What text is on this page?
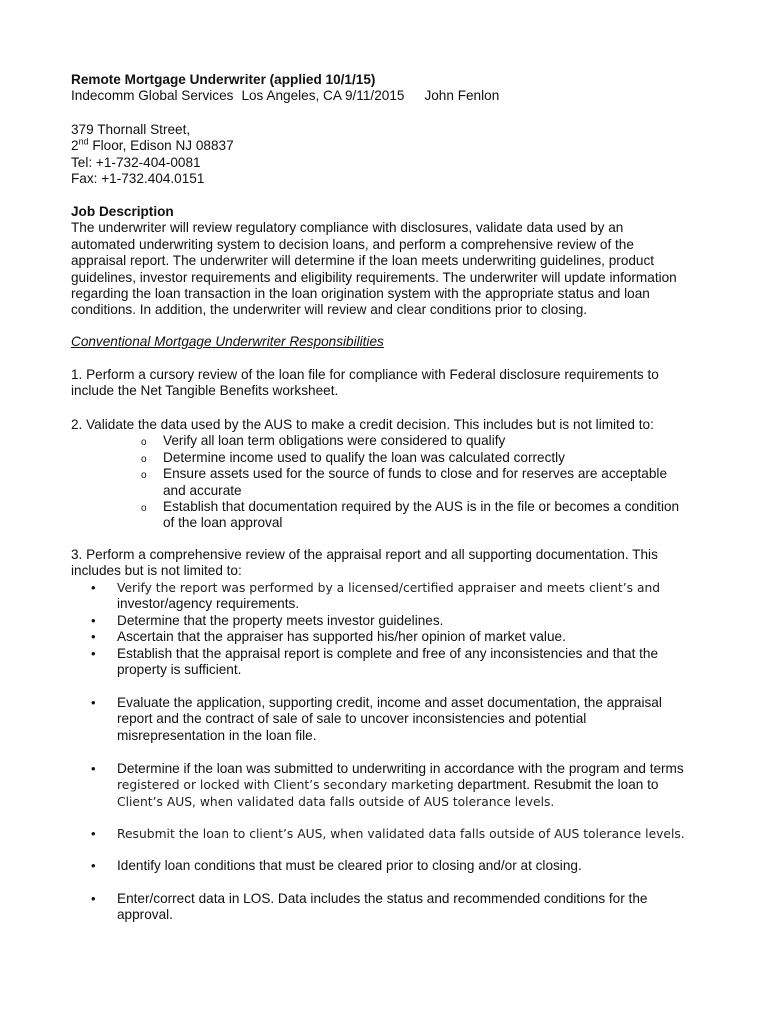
Remote Mortgage Underwriter (applied 10/1/15)
Indecomm Global Services Los Angeles, CA 9/11/2015 John Fenlon
379 Thornall Street,
2nd Floor, Edison NJ 08837
Tel: +1-732-404-0081
Fax: +1-732.404.0151
Job Description
The underwriter will review regulatory compliance with disclosures, validate data used by an
automated underwriting system to decision loans, and perform a comprehensive review of the
appraisal report. The underwriter will determine if the loan meets underwriting guidelines, product
guidelines, investor requirements and eligibility requirements. The underwriter will update information
regarding the loan transaction in the loan origination system with the appropriate status and loan
conditions. In addition, the underwriter will review and clear conditions prior to closing.
Conventional Mortgage Underwriter Responsibilities
1. Perform a cursory review of the loan file for compliance with Federal disclosure requirements to
include the Net Tangible Benefits worksheet.
2. Validate the data used by the AUS to make a credit decision. This includes but is not limited to:
o Verify all loan term obligations were considered to qualify
o Determine income used to qualify the loan was calculated correctly
o Ensure assets used for the source of funds to close and for reserves are acceptable
and accurate
o Establish that documentation required by the AUS is in the file or becomes a condition
of the loan approval
3. Perform a comprehensive review of the appraisal report and all supporting documentation. This
includes but is not limited to:
• Verify the report was performed by a licensed/certified appraiser and meets client’s and
investor/agency requirements.
• Determine that the property meets investor guidelines.
• Ascertain that the appraiser has supported his/her opinion of market value.
• Establish that the appraisal report is complete and free of any inconsistencies and that the
property is sufficient.
• Evaluate the application, supporting credit, income and asset documentation, the appraisal
report and the contract of sale of sale to uncover inconsistencies and potential
misrepresentation in the loan file.
• Determine if the loan was submitted to underwriting in accordance with the program and terms
registered or locked with Client’s secondary marketing department. Resubmit the loan to
Client’s AUS, when validated data falls outside of AUS tolerance levels.
• Resubmit the loan to client’s AUS, when validated data falls outside of AUS tolerance levels.
• Identify loan conditions that must be cleared prior to closing and/or at closing.
• Enter/correct data in LOS. Data includes the status and recommended conditions for the
approval.
